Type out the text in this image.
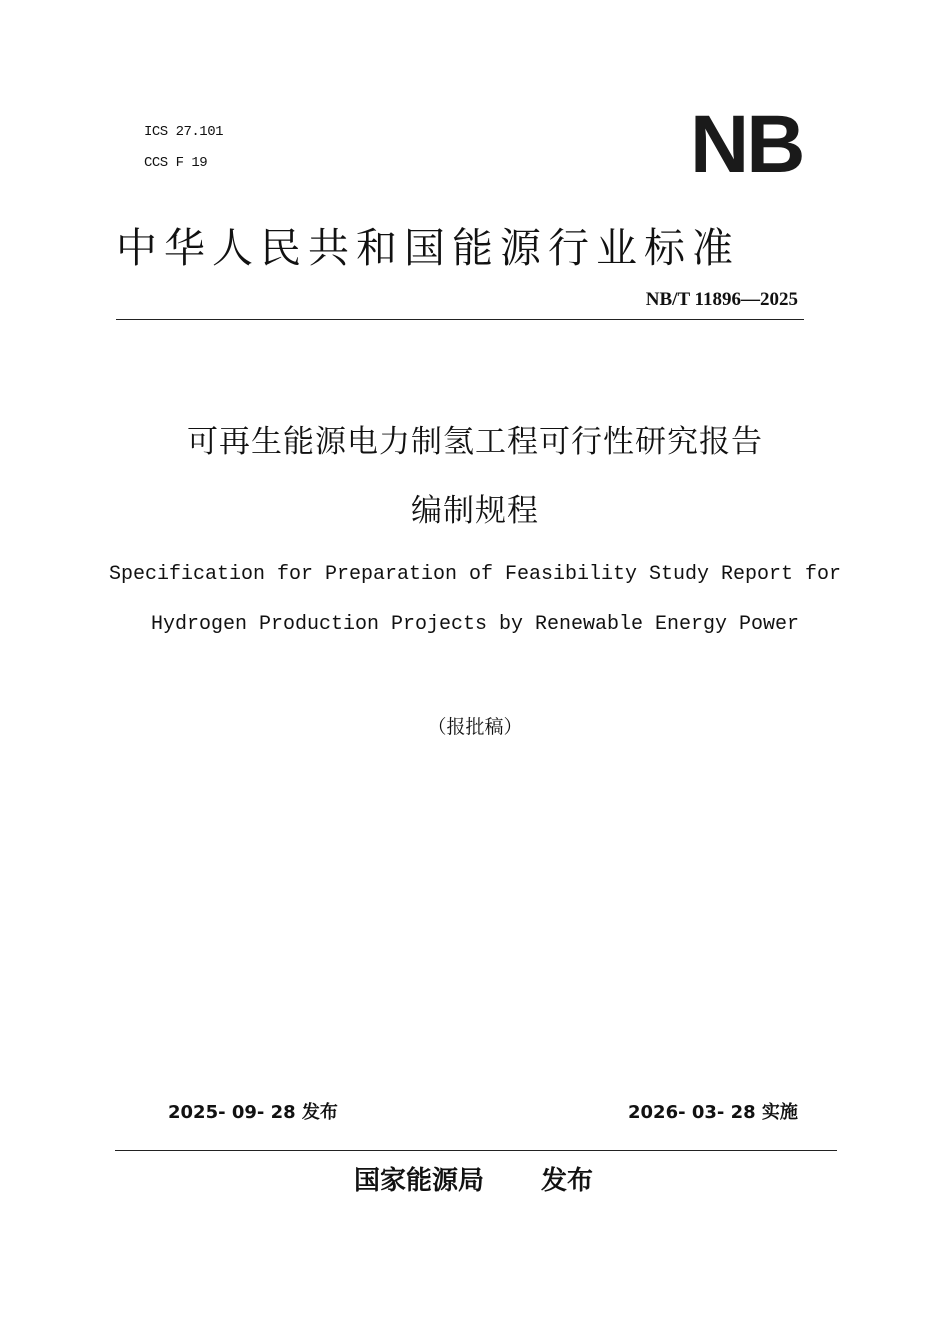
ICS 27.101
CCS F 19	NB
中华人民共和国能源行业标准
NB/T 11896—2025
可再生能源电力制氢工程可行性研究报告
编制规程
Specification for Preparation of Feasibility Study Report for
Hydrogen Production Projects by Renewable Energy Power
（报批稿）
2025- 09- 28 发布	2026- 03- 28 实施
国家能源局 发布
